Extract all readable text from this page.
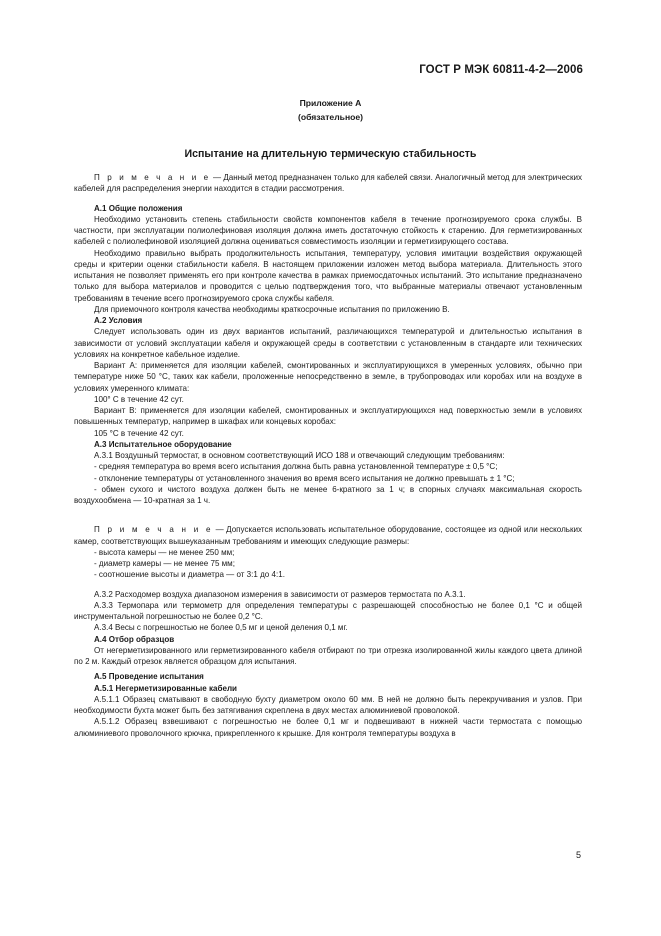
ГОСТ Р МЭК 60811-4-2—2006
Приложение А
(обязательное)
Испытание на длительную термическую стабильность

П р и м е ч а н и е — Данный метод предназначен только для кабелей связи. Аналогичный метод для электрических кабелей для распределения энергии находится в стадии рассмотрения.

А.1 Общие положения

Необходимо установить степень стабильности свойств компонентов кабеля в течение прогнозируемого срока службы. В частности, при эксплуатации полиолефиновая изоляция должна иметь достаточную стойкость к старению. Для герметизированных кабелей с полиолефиновой изоляцией должна оцениваться совместимость изоляции и герметизирующего состава.

Необходимо правильно выбрать продолжительность испытания, температуру, условия имитации воздействия окружающей среды и критерии оценки стабильности кабеля. В настоящем приложении изложен метод выбора материала. Длительность этого испытания не позволяет применять его при контроле качества в рамках приемосдаточных испытаний. Это испытание предназначено только для выбора материалов и проводится с целью подтверждения того, что выбранные материалы отвечают установленным требованиям в течение всего прогнозируемого срока службы кабеля.

Для приемочного контроля качества необходимы краткосрочные испытания по приложению В.

А.2 Условия

Следует использовать один из двух вариантов испытаний, различающихся температурой и длительностью испытания в зависимости от условий эксплуатации кабеля и окружающей среды в соответствии с установленным в стандарте или технических условиях на конкретное кабельное изделие.

Вариант А: применяется для изоляции кабелей, смонтированных и эксплуатирующихся в умеренных условиях, обычно при температуре ниже 50 °С, таких как кабели, проложенные непосредственно в земле, в трубопроводах или коробах или на воздухе в условиях умеренного климата:

100° С в течение 42 сут.

Вариант В: применяется для изоляции кабелей, смонтированных и эксплуатирующихся над поверхностью земли в условиях повышенных температур, например в шкафах или концевых коробах:

105 °С в течение 42 сут.

А.3 Испытательное оборудование

А.3.1 Воздушный термостат, в основном соответствующий ИСО 188 и отвечающий следующим требованиям:

- средняя температура во время всего испытания должна быть равна установленной температуре ± 0,5 °С;

- отклонение температуры от установленного значения во время всего испытания не должно превышать ± 1 °С;

- обмен сухого и чистого воздуха должен быть не менее 6-кратного за 1 ч; в спорных случаях максимальная скорость воздухообмена — 10-кратная за 1 ч.

П р и м е ч а н и е — Допускается использовать испытательное оборудование, состоящее из одной или нескольких камер, соответствующих вышеуказанным требованиям и имеющих следующие размеры:

- высота камеры — не менее 250 мм;

- диаметр камеры — не менее 75 мм;

- соотношение высоты и диаметра — от 3:1 до 4:1.

А.3.2 Расходомер воздуха диапазоном измерения в зависимости от размеров термостата по А.3.1.

А.3.3 Термопара или термометр для определения температуры с разрешающей способностью не более 0,1 °С и общей инструментальной погрешностью не более 0,2 °С.

А.3.4 Весы с погрешностью не более 0,5 мг и ценой деления 0,1 мг.

А.4 Отбор образцов

От негерметизированного или герметизированного кабеля отбирают по три отрезка изолированной жилы каждого цвета длиной по 2 м. Каждый отрезок является образцом для испытания.

А.5 Проведение испытания

А.5.1 Негерметизированные кабели

А.5.1.1 Образец сматывают в свободную бухту диаметром около 60 мм. В ней не должно быть перекручивания и узлов. При необходимости бухта может быть без затягивания скреплена в двух местах алюминиевой проволокой.

А.5.1.2 Образец взвешивают с погрешностью не более 0,1 мг и подвешивают в нижней части термостата с помощью алюминиевого проволочного крючка, прикрепленного к крышке. Для контроля температуры воздуха в

5
